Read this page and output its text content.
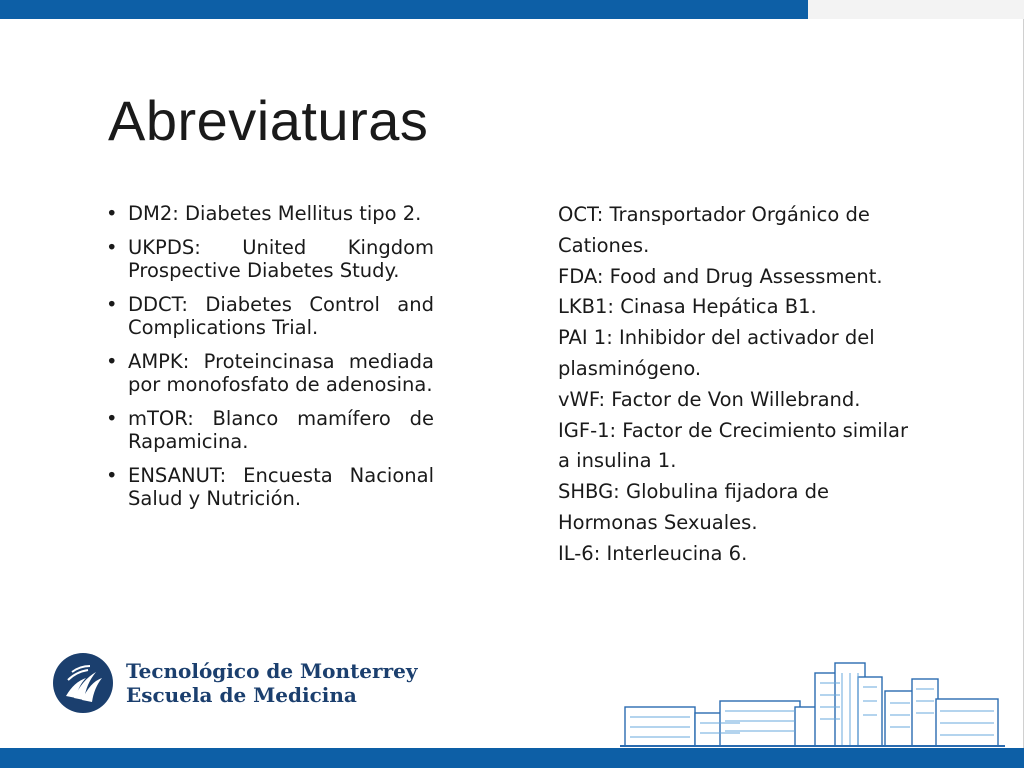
Abreviaturas
• DM2: Diabetes Mellitus tipo 2.
• UKPDS: United Kingdom Prospective Diabetes Study.
• DDCT: Diabetes Control and Complications Trial.
• AMPK: Proteincinasa mediada por monofosfato de adenosina.
• mTOR: Blanco mamífero de Rapamicina.
• ENSANUT: Encuesta Nacional Salud y Nutrición.

OCT: Transportador Orgánico de Cationes.

FDA: Food and Drug Assessment.

LKB1: Cinasa Hepática B1.

PAI 1: Inhibidor del activador del plasminógeno.

vWF: Factor de Von Willebrand.

IGF-1: Factor de Crecimiento similar a insulina 1.

SHBG: Globulina fijadora de Hormonas Sexuales.

IL-6: Interleucina 6.

Tecnológico de Monterrey
Escuela de Medicina
